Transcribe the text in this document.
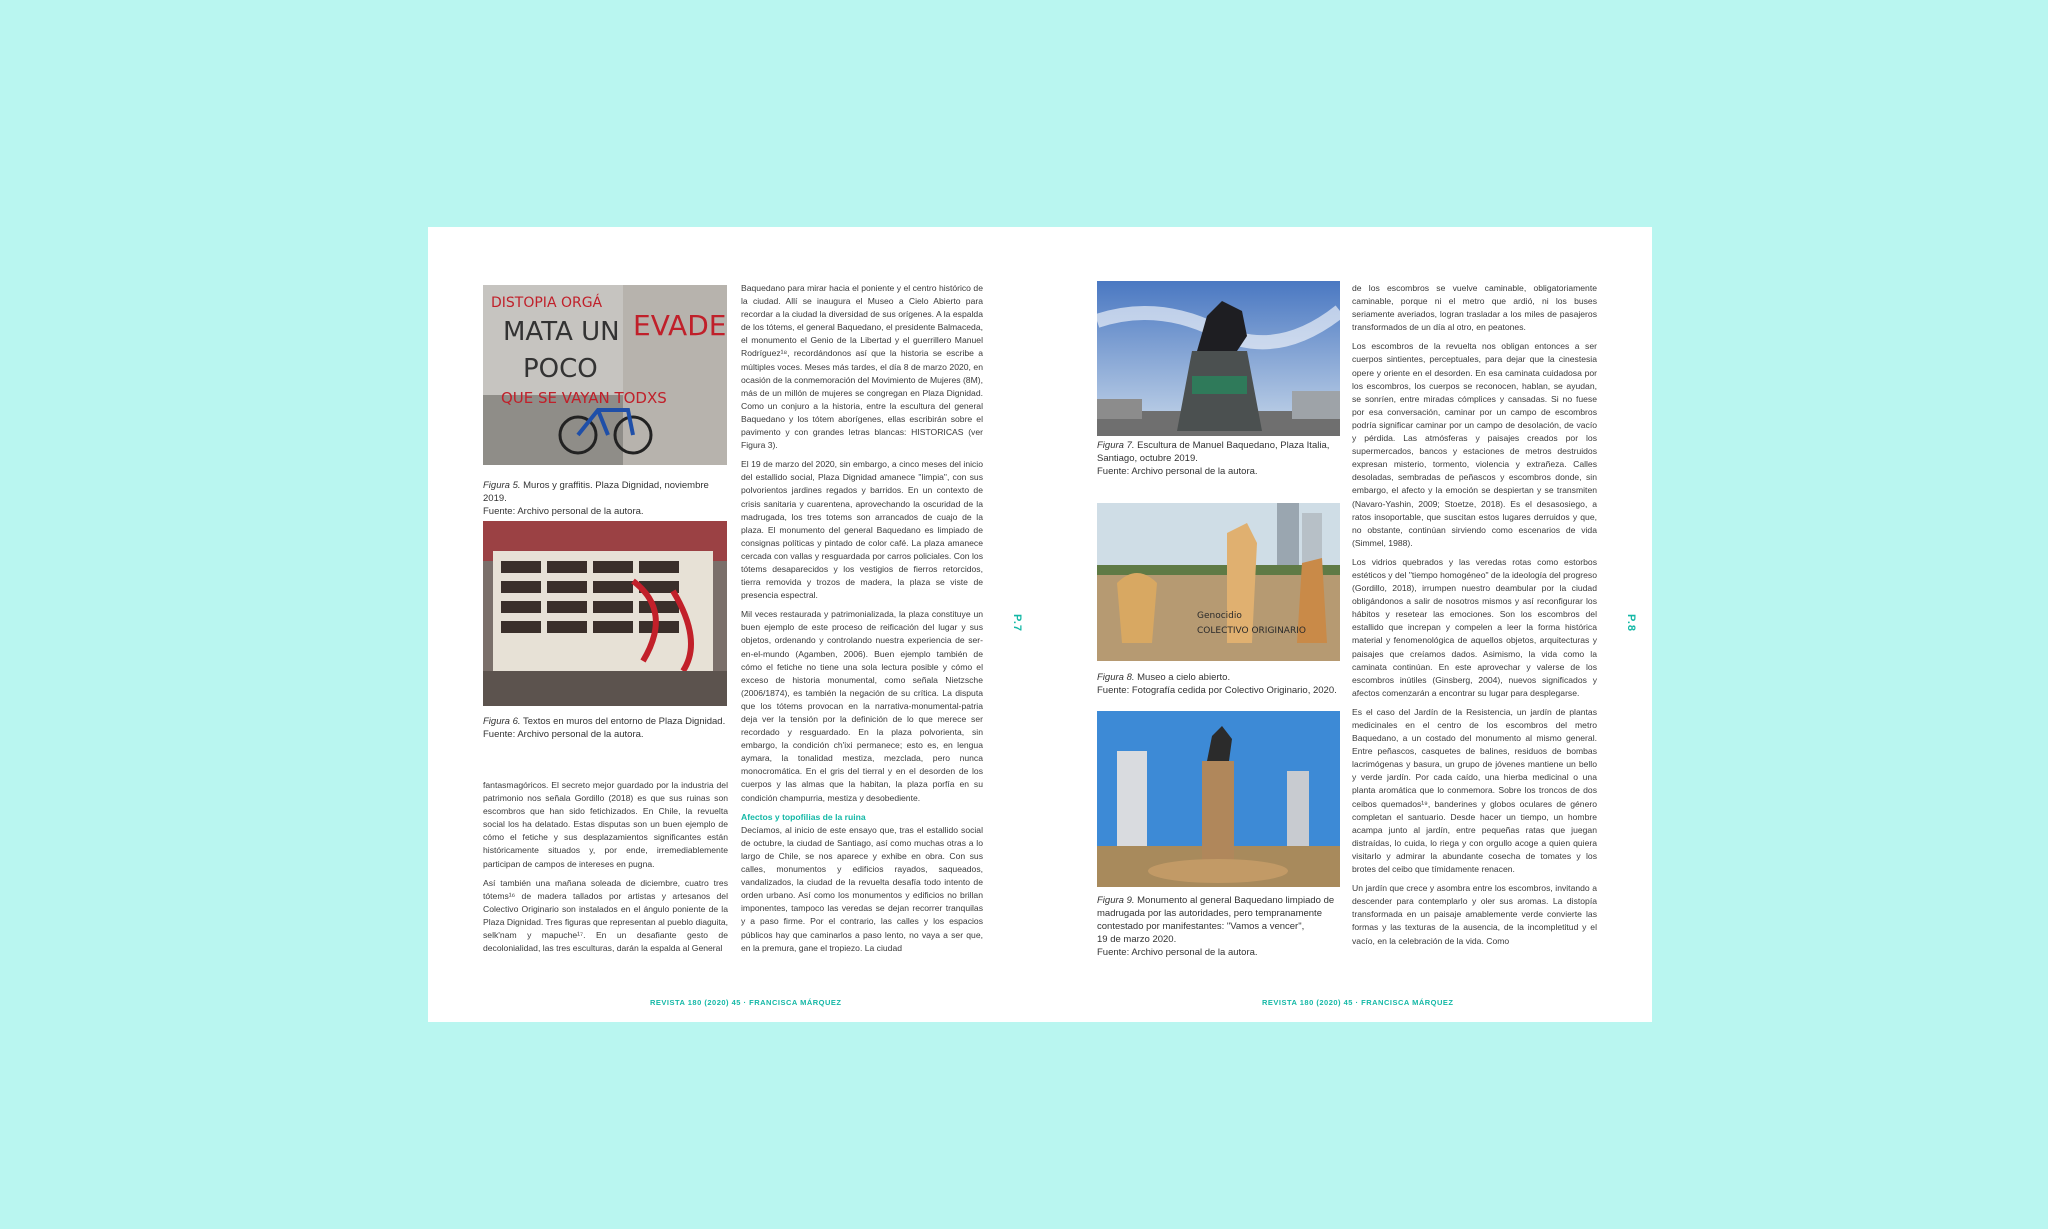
DISTOPIA ORGÁ
MATA UN
POCO
QUE SE VAYAN TODXS
EVADE
Figura 5. Muros y graffitis. Plaza Dignidad, noviembre 2019.
Fuente: Archivo personal de la autora.
Figura 6. Textos en muros del entorno de Plaza Dignidad.
Fuente: Archivo personal de la autora.

fantasmagóricos. El secreto mejor guardado por la industria del patrimonio nos señala Gordillo (2018) es que sus ruinas son escombros que han sido fetichizados. En Chile, la revuelta social los ha delatado. Estas disputas son un buen ejemplo de cómo el fetiche y sus desplazamientos significantes están históricamente situados y, por ende, irremediablemente participan de campos de intereses en pugna.

Así también una mañana soleada de diciembre, cuatro tres tótems¹⁶ de madera tallados por artistas y artesanos del Colectivo Originario son instalados en el ángulo poniente de la Plaza Dignidad. Tres figuras que representan al pueblo diaguita, selk'nam y mapuche¹⁷. En un desafiante gesto de decolonialidad, las tres esculturas, darán la espalda al General

Baquedano para mirar hacia el poniente y el centro histórico de la ciudad. Allí se inaugura el Museo a Cielo Abierto para recordar a la ciudad la diversidad de sus orígenes. A la espalda de los tótems, el general Baquedano, el presidente Balmaceda, el monumento el Genio de la Libertad y el guerrillero Manuel Rodríguez¹⁸, recordándonos así que la historia se escribe a múltiples voces. Meses más tardes, el día 8 de marzo 2020, en ocasión de la conmemoración del Movimiento de Mujeres (8M), más de un millón de mujeres se congregan en Plaza Dignidad. Como un conjuro a la historia, entre la escultura del general Baquedano y los tótem aborígenes, ellas escribirán sobre el pavimento y con grandes letras blancas: HISTORICAS (ver Figura 3).

El 19 de marzo del 2020, sin embargo, a cinco meses del inicio del estallido social, Plaza Dignidad amanece "limpia", con sus polvorientos jardines regados y barridos. En un contexto de crisis sanitaria y cuarentena, aprovechando la oscuridad de la madrugada, los tres totems son arrancados de cuajo de la plaza. El monumento del general Baquedano es limpiado de consignas políticas y pintado de color café. La plaza amanece cercada con vallas y resguardada por carros policiales. Con los tótems desaparecidos y los vestigios de fierros retorcidos, tierra removida y trozos de madera, la plaza se viste de presencia espectral.

Mil veces restaurada y patrimonializada, la plaza constituye un buen ejemplo de este proceso de reificación del lugar y sus objetos, ordenando y controlando nuestra experiencia de ser-en-el-mundo (Agamben, 2006). Buen ejemplo también de cómo el fetiche no tiene una sola lectura posible y cómo el exceso de historia monumental, como señala Nietzsche (2006/1874), es también la negación de su crítica. La disputa que los tótems provocan en la narrativa-monumental-patria deja ver la tensión por la definición de lo que merece ser recordado y resguardado. En la plaza polvorienta, sin embargo, la condición ch'ixi permanece; esto es, en lengua aymara, la tonalidad mestiza, mezclada, pero nunca monocromática. En el gris del tierral y en el desorden de los cuerpos y las almas que la habitan, la plaza porfía en su condición champurria, mestiza y desobediente.

Afectos y topofilias de la ruina

Decíamos, al inicio de este ensayo que, tras el estallido social de octubre, la ciudad de Santiago, así como muchas otras a lo largo de Chile, se nos aparece y exhibe en obra. Con sus calles, monumentos y edificios rayados, saqueados, vandalizados, la ciudad de la revuelta desafía todo intento de orden urbano. Así como los monumentos y edificios no brillan imponentes, tampoco las veredas se dejan recorrer tranquilas y a paso firme. Por el contrario, las calles y los espacios públicos hay que caminarlos a paso lento, no vaya a ser que, en la premura, gane el tropiezo. La ciudad

P.7
REVISTA 180 (2020) 45 · FRANCISCA MÁRQUEZ
Figura 7. Escultura de Manuel Baquedano, Plaza Italia, Santiago, octubre 2019.
Fuente: Archivo personal de la autora.
Genocidio
COLECTIVO ORIGINARIO
Figura 8. Museo a cielo abierto.
Fuente: Fotografía cedida por Colectivo Originario, 2020.
Figura 9. Monumento al general Baquedano limpiado de madrugada por las autoridades, pero tempranamente contestado por manifestantes: "Vamos a vencer",
19 de marzo 2020.
Fuente: Archivo personal de la autora.

de los escombros se vuelve caminable, obligatoriamente caminable, porque ni el metro que ardió, ni los buses seriamente averiados, logran trasladar a los miles de pasajeros transformados de un día al otro, en peatones.

Los escombros de la revuelta nos obligan entonces a ser cuerpos sintientes, perceptuales, para dejar que la cinestesia opere y oriente en el desorden. En esa caminata cuidadosa por los escombros, los cuerpos se reconocen, hablan, se ayudan, se sonríen, entre miradas cómplices y cansadas. Si no fuese por esa conversación, caminar por un campo de escombros podría significar caminar por un campo de desolación, de vacío y pérdida. Las atmósferas y paisajes creados por los supermercados, bancos y estaciones de metros destruidos expresan misterio, tormento, violencia y extrañeza. Calles desoladas, sembradas de peñascos y escombros donde, sin embargo, el afecto y la emoción se despiertan y se transmiten (Navaro-Yashin, 2009; Stoetze, 2018). Es el desasosiego, a ratos insoportable, que suscitan estos lugares derruidos y que, no obstante, continúan sirviendo como escenarios de vida (Simmel, 1988).

Los vidrios quebrados y las veredas rotas como estorbos estéticos y del "tiempo homogéneo" de la ideología del progreso (Gordillo, 2018), irrumpen nuestro deambular por la ciudad obligándonos a salir de nosotros mismos y así reconfigurar los hábitos y resetear las emociones. Son los escombros del estallido que increpan y compelen a leer la forma histórica material y fenomenológica de aquellos objetos, arquitecturas y paisajes que creíamos dados. Asimismo, la vida como la caminata continúan. En este aprovechar y valerse de los escombros inútiles (Ginsberg, 2004), nuevos significados y afectos comenzarán a encontrar su lugar para desplegarse.

Es el caso del Jardín de la Resistencia, un jardín de plantas medicinales en el centro de los escombros del metro Baquedano, a un costado del monumento al mismo general. Entre peñascos, casquetes de balines, residuos de bombas lacrimógenas y basura, un grupo de jóvenes mantiene un bello y verde jardín. Por cada caído, una hierba medicinal o una planta aromática que lo conmemora. Sobre los troncos de dos ceibos quemados¹⁹, banderines y globos oculares de género completan el santuario. Desde hacer un tiempo, un hombre acampa junto al jardín, entre pequeñas ratas que juegan distraídas, lo cuida, lo riega y con orgullo acoge a quien quiera visitarlo y admirar la abundante cosecha de tomates y los brotes del ceibo que tímidamente renacen.

Un jardín que crece y asombra entre los escombros, invitando a descender para contemplarlo y oler sus aromas. La distopía transformada en un paisaje amablemente verde convierte las formas y las texturas de la ausencia, de la incompletitud y el vacío, en la celebración de la vida. Como

P.8
REVISTA 180 (2020) 45 · FRANCISCA MÁRQUEZ
